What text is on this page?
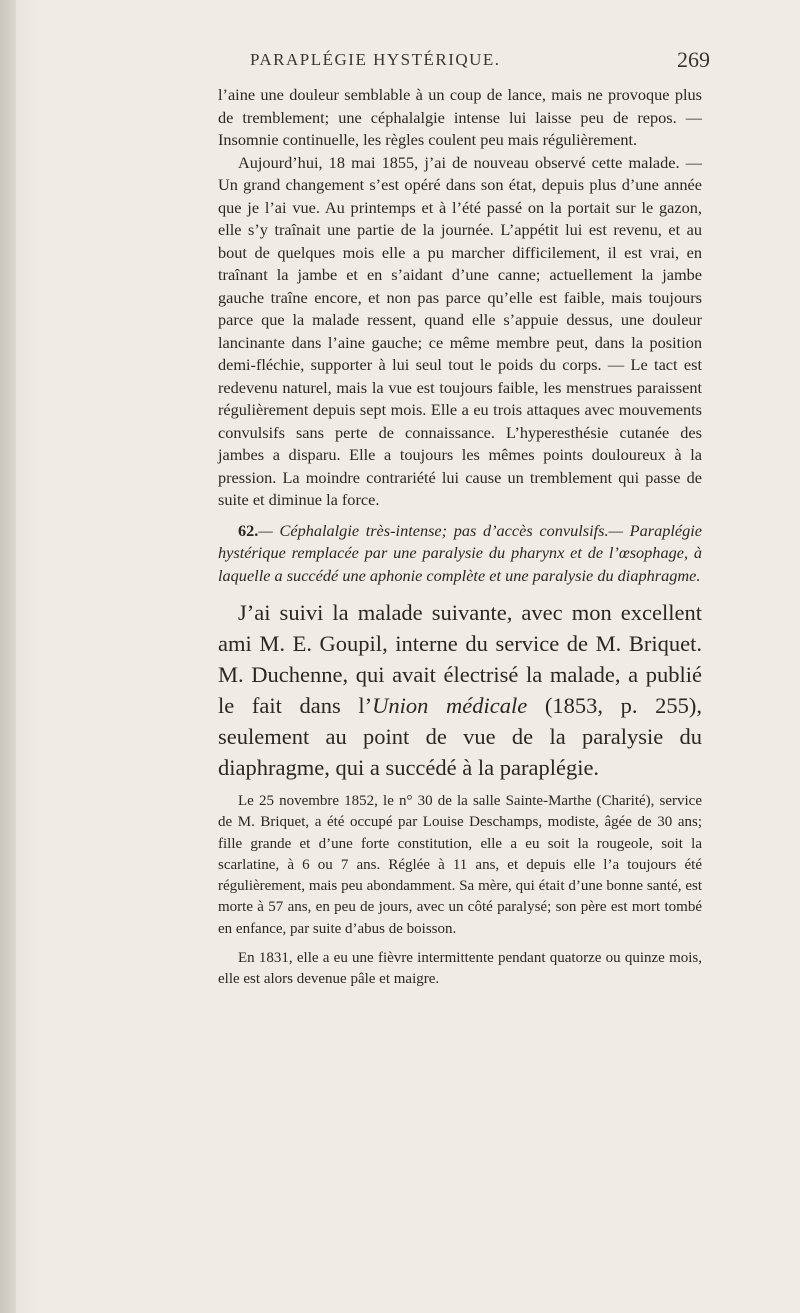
PARAPLÉGIE HYSTÉRIQUE.	269

l’aine une douleur semblable à un coup de lance, mais ne provoque plus de tremblement; une céphalalgie intense lui laisse peu de repos. — Insomnie continuelle, les règles coulent peu mais régulièrement.

Aujourd’hui, 18 mai 1855, j’ai de nouveau observé cette malade. — Un grand changement s’est opéré dans son état, depuis plus d’une année que je l’ai vue. Au printemps et à l’été passé on la portait sur le gazon, elle s’y traînait une partie de la journée. L’appétit lui est revenu, et au bout de quelques mois elle a pu marcher difficilement, il est vrai, en traînant la jambe et en s’aidant d’une canne; actuellement la jambe gauche traîne encore, et non pas parce qu’elle est faible, mais toujours parce que la malade ressent, quand elle s’appuie dessus, une douleur lancinante dans l’aine gauche; ce même membre peut, dans la position demi-fléchie, supporter à lui seul tout le poids du corps. — Le tact est redevenu naturel, mais la vue est toujours faible, les menstrues paraissent régulièrement depuis sept mois. Elle a eu trois attaques avec mouvements convulsifs sans perte de connaissance. L’hyperesthésie cutanée des jambes a disparu. Elle a toujours les mêmes points douloureux à la pression. La moindre contrariété lui cause un tremblement qui passe de suite et diminue la force.

62.— Céphalalgie très-intense; pas d’accès convulsifs.— Paraplégie hystérique remplacée par une paralysie du pharynx et de l’œsophage, à laquelle a succédé une aphonie complète et une paralysie du diaphragme.

J’ai suivi la malade suivante, avec mon excellent ami M. E. Goupil, interne du service de M. Briquet. M. Duchenne, qui avait électrisé la malade, a publié le fait dans l’Union médicale (1853, p. 255), seulement au point de vue de la paralysie du diaphragme, qui a succédé à la paraplégie.

Le 25 novembre 1852, le n° 30 de la salle Sainte-Marthe (Charité), service de M. Briquet, a été occupé par Louise Deschamps, modiste, âgée de 30 ans; fille grande et d’une forte constitution, elle a eu soit la rougeole, soit la scarlatine, à 6 ou 7 ans. Réglée à 11 ans, et depuis elle l’a toujours été régulièrement, mais peu abondamment. Sa mère, qui était d’une bonne santé, est morte à 57 ans, en peu de jours, avec un côté paralysé; son père est mort tombé en enfance, par suite d’abus de boisson.

En 1831, elle a eu une fièvre intermittente pendant quatorze ou quinze mois, elle est alors devenue pâle et maigre.
